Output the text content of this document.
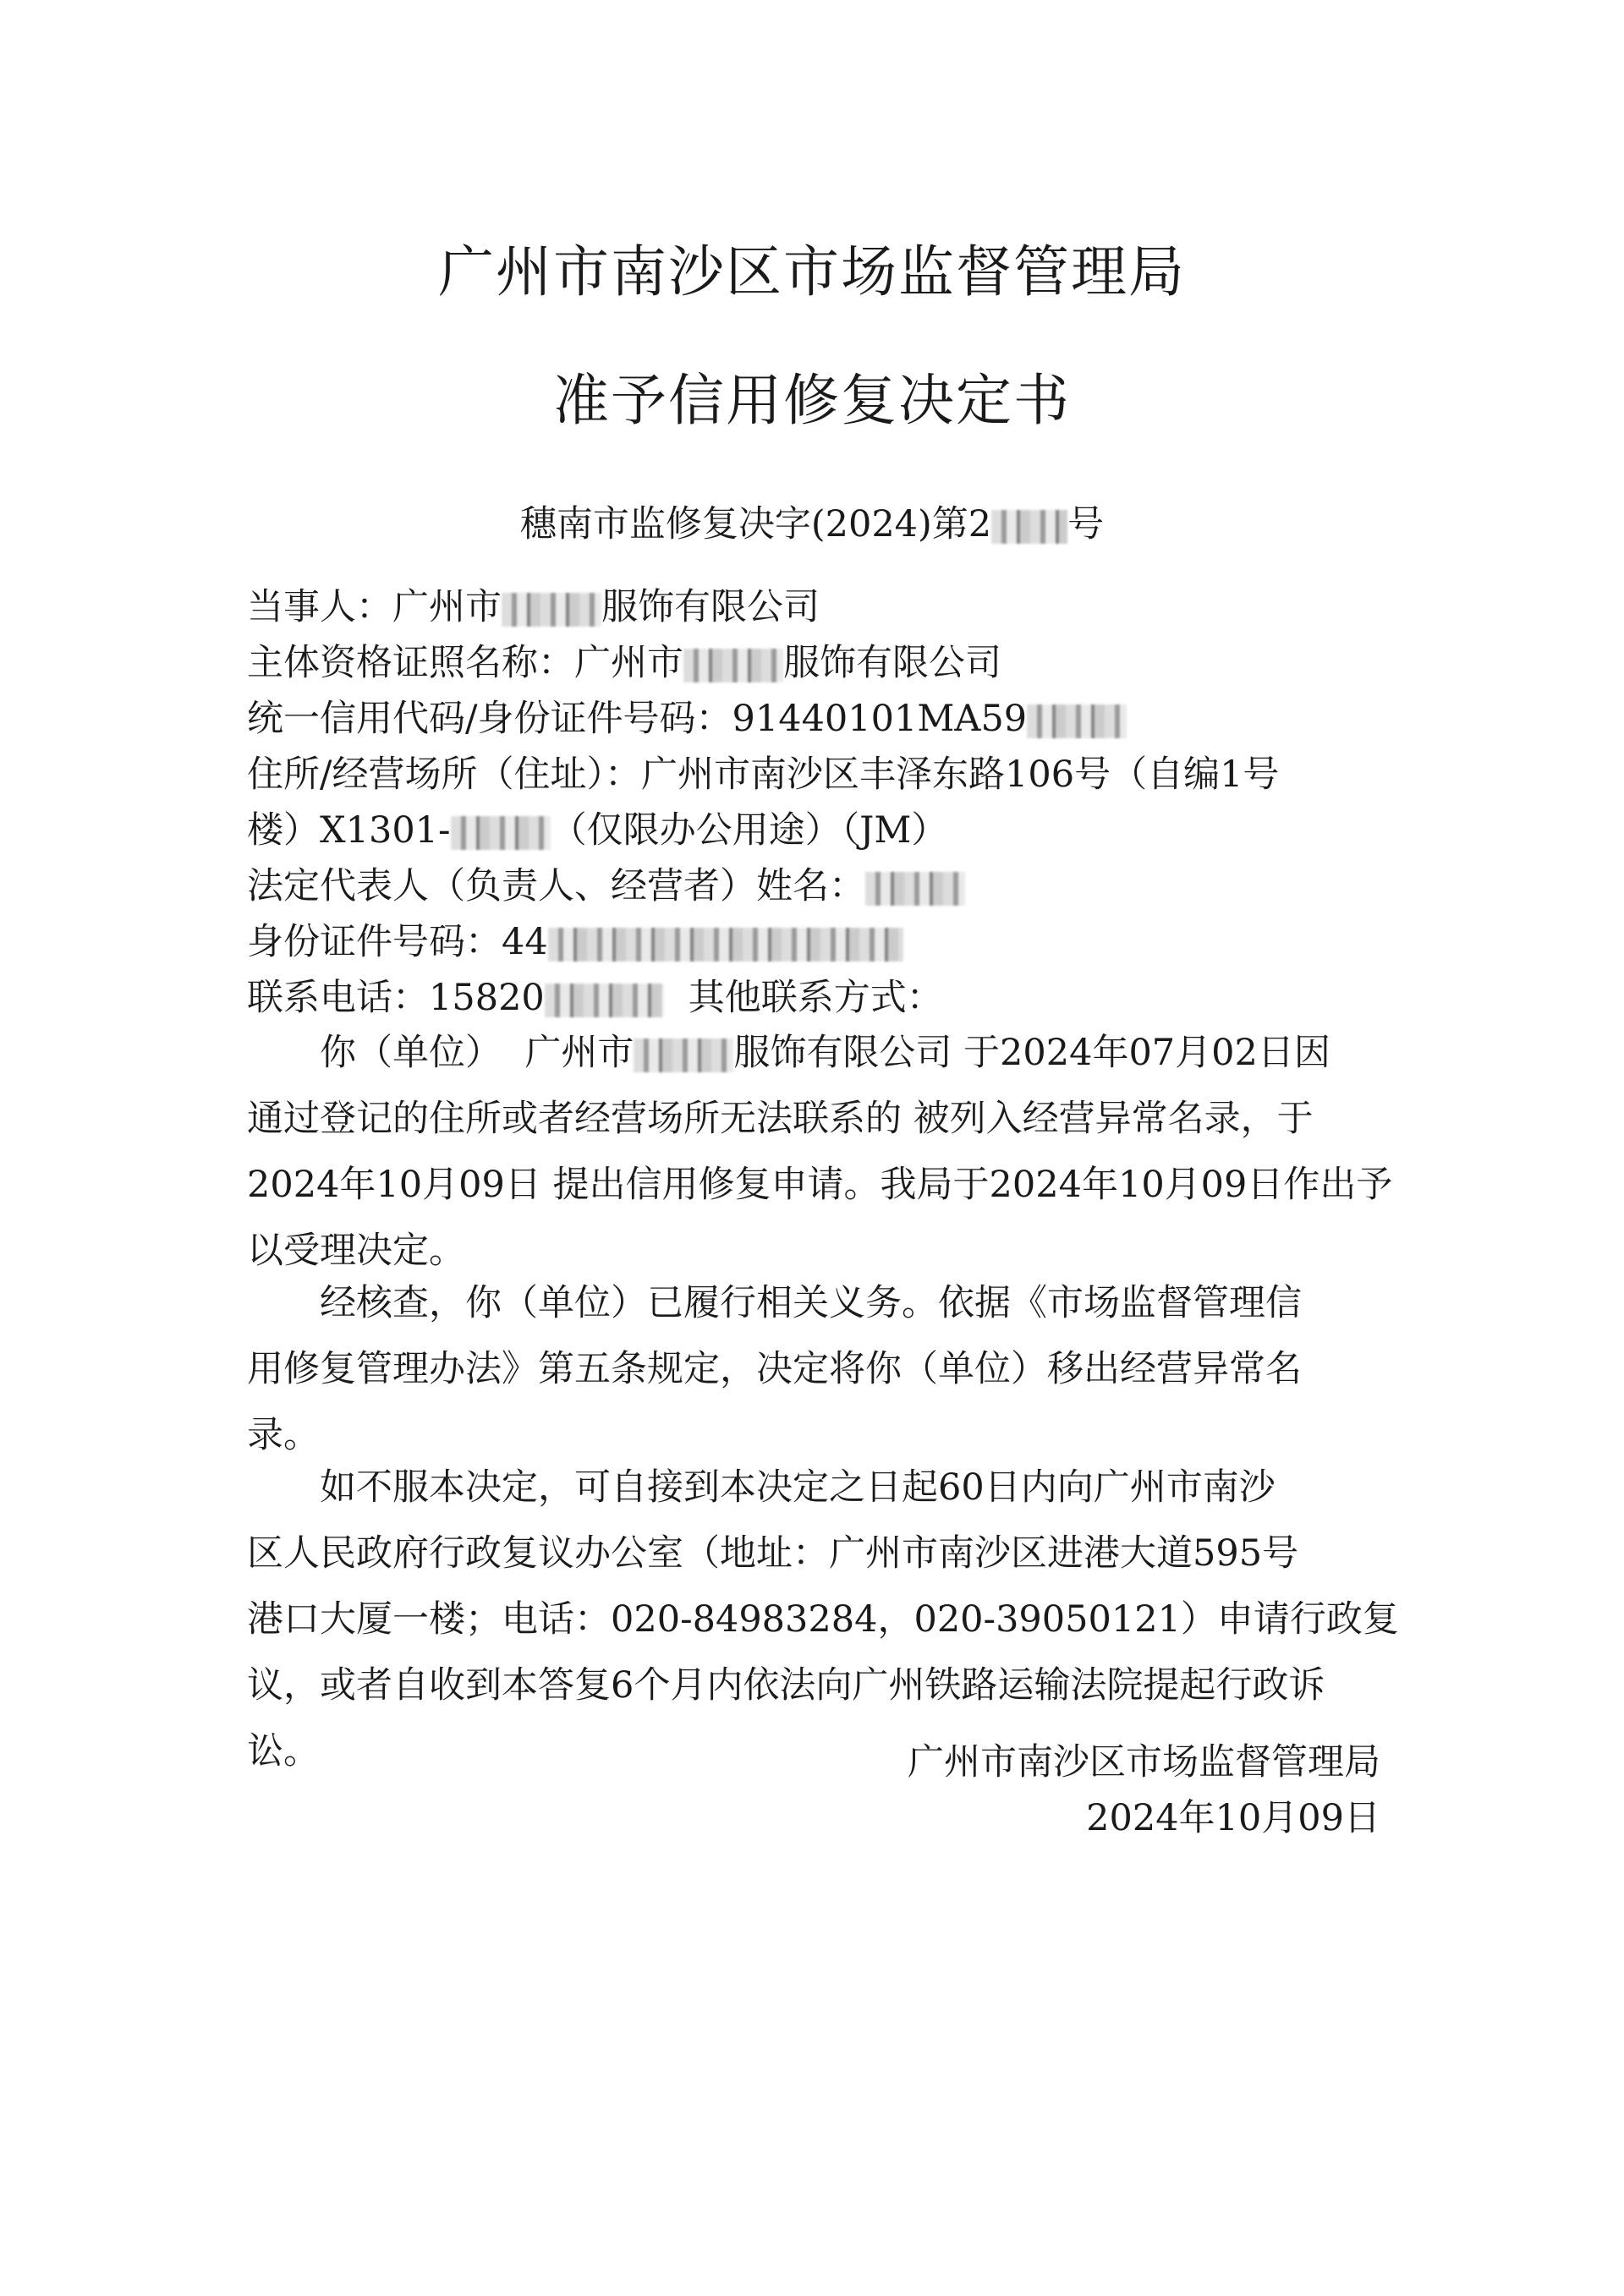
广州市南沙区市场监督管理局
准予信用修复决定书

穗南市监修复决字(2024)第2 号

当事人：广州市	服饰有限公司

主体资格证照名称：广州市	服饰有限公司

统一信用代码/身份证件号码：91440101MA59

住所/经营场所（住址）：广州市南沙区丰泽东路106号（自编1号

楼）X1301-	（仅限办公用途）（JM）

法定代表人（负责人、经营者）姓名：

身份证件号码：44

联系电话：15820	其他联系方式：

你（单位） 广州市	服饰有限公司 于2024年07月02日因
通过登记的住所或者经营场所无法联系的 被列入经营异常名录，于
2024年10月09日 提出信用修复申请。我局于2024年10月09日作出予
以受理决定。
经核查，你（单位）已履行相关义务。依据《市场监督管理信
用修复管理办法》第五条规定，决定将你（单位）移出经营异常名
录。
如不服本决定，可自接到本决定之日起60日内向广州市南沙
区人民政府行政复议办公室（地址：广州市南沙区进港大道595号
港口大厦一楼；电话：020-84983284，020-39050121）申请行政复
议，或者自收到本答复6个月内依法向广州铁路运输法院提起行政诉
讼。	广州市南沙区市场监督管理局

2024年10月09日
